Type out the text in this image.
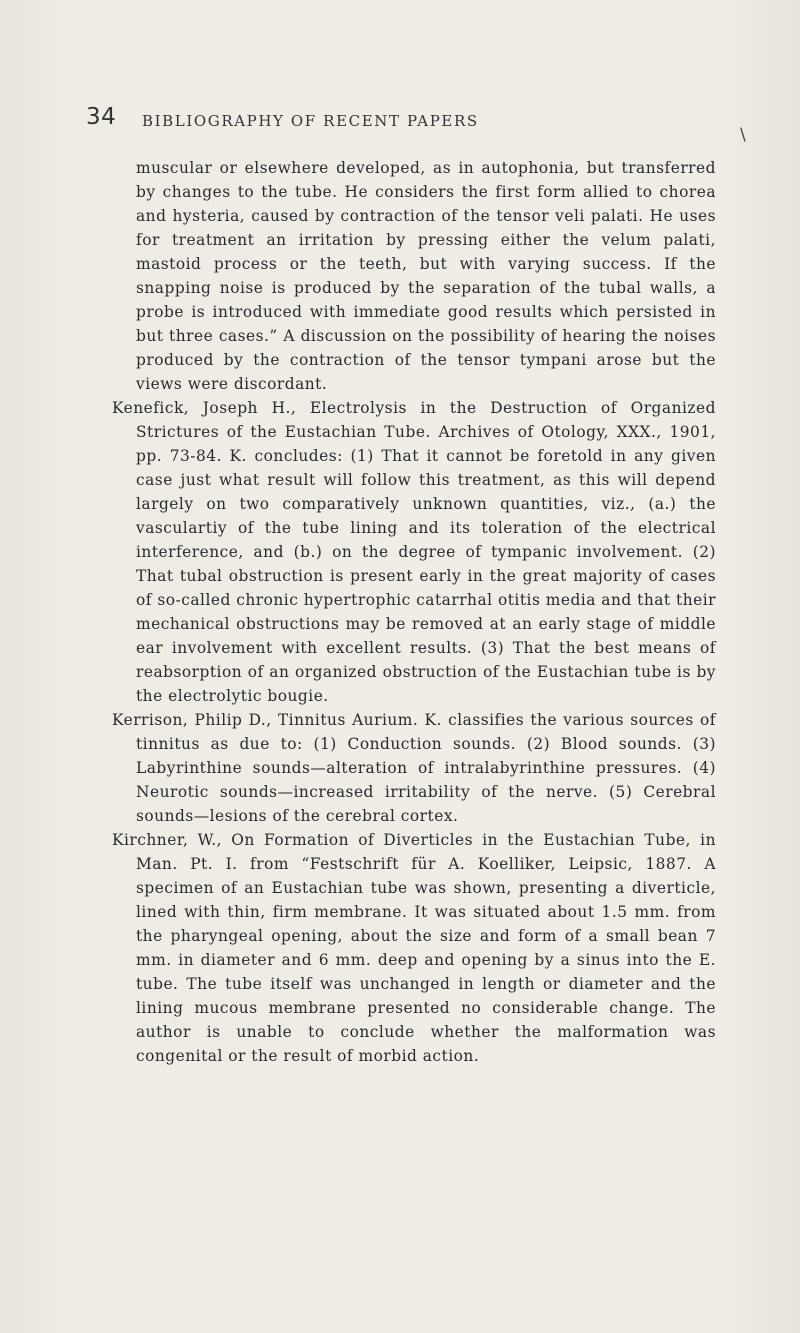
34 BIBLIOGRAPHY OF RECENT PAPERS
\

muscular or elsewhere developed, as in autophonia, but transferred by changes to the tube. He considers the first form allied to chorea and hysteria, caused by contraction of the tensor veli palati. He uses for treatment an irritation by pressing either the velum palati, mastoid process or the teeth, but with varying success. If the snapping noise is produced by the separation of the tubal walls, a probe is introduced with immediate good results which persisted in but three cases.” A discussion on the possibility of hearing the noises produced by the contraction of the tensor tympani arose but the views were discordant.

Kenefick, Joseph H., Electrolysis in the Destruction of Organized Strictures of the Eustachian Tube. Archives of Otology, XXX., 1901, pp. 73-84. K. concludes: (1) That it cannot be foretold in any given case just what result will follow this treatment, as this will depend largely on two comparatively unknown quantities, viz., (a.) the vasculartiy of the tube lining and its toleration of the electrical interference, and (b.) on the degree of tympanic involvement. (2) That tubal obstruction is present early in the great majority of cases of so-called chronic hypertrophic catarrhal otitis media and that their mechanical obstructions may be removed at an early stage of middle ear involvement with excellent results. (3) That the best means of reabsorption of an organized obstruction of the Eustachian tube is by the electrolytic bougie.

Kerrison, Philip D., Tinnitus Aurium. K. classifies the various sources of tinnitus as due to: (1) Conduction sounds. (2) Blood sounds. (3) Labyrinthine sounds—alteration of intralabyrinthine pressures. (4) Neurotic sounds—increased irritability of the nerve. (5) Cerebral sounds—lesions of the cerebral cortex.

Kirchner, W., On Formation of Diverticles in the Eustachian Tube, in Man. Pt. I. from “Festschrift für A. Koelliker, Leipsic, 1887. A specimen of an Eustachian tube was shown, presenting a diverticle, lined with thin, firm membrane. It was situated about 1.5 mm. from the pharyngeal opening, about the size and form of a small bean 7 mm. in diameter and 6 mm. deep and opening by a sinus into the E. tube. The tube itself was unchanged in length or diameter and the lining mucous membrane presented no considerable change. The author is unable to conclude whether the malformation was congenital or the result of morbid action.
